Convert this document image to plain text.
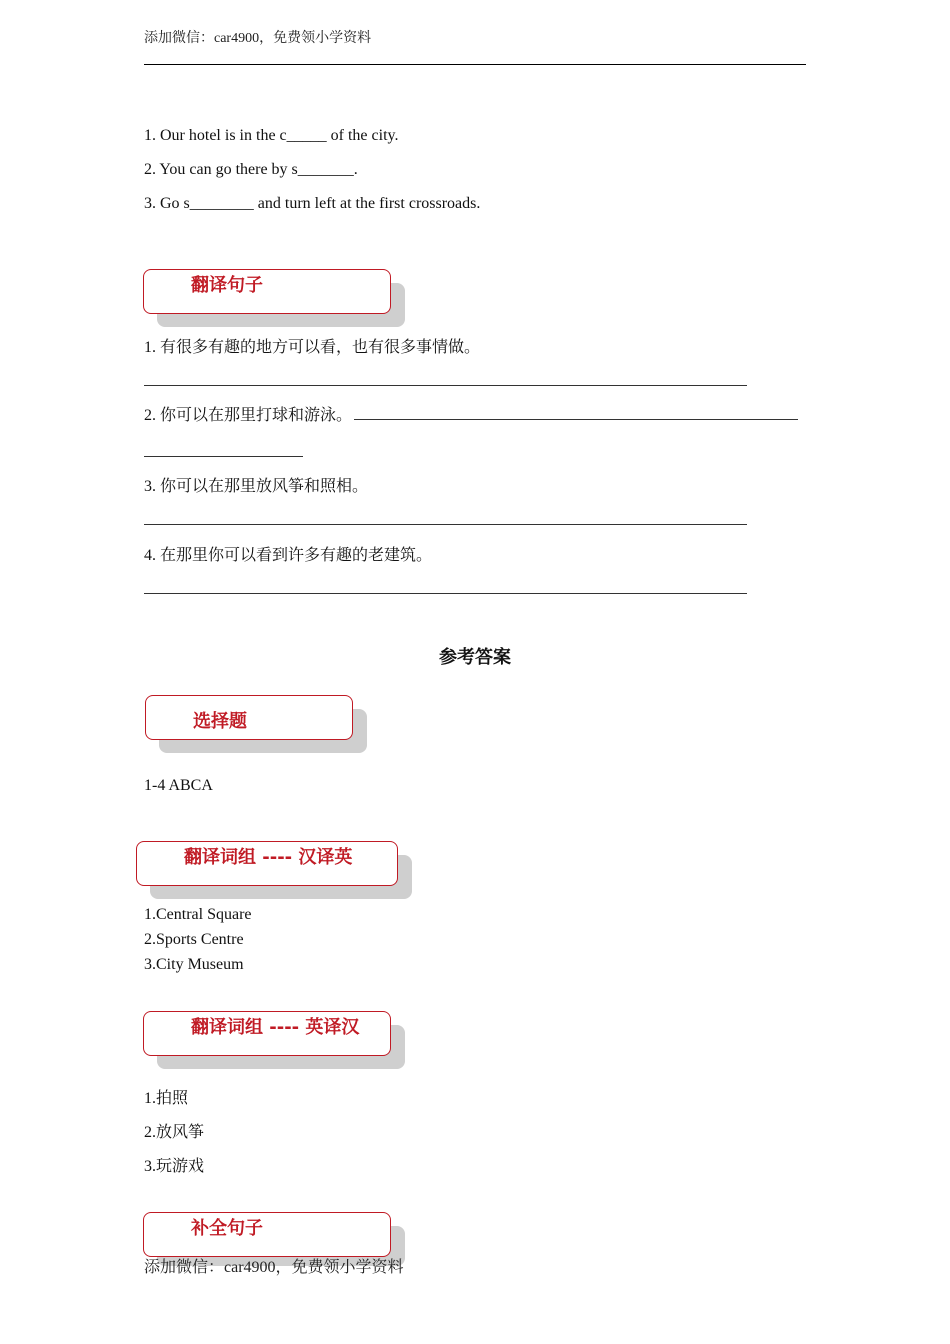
添加微信：car4900，免费领小学资料
1. Our hotel is in the c_____ of the city.
2. You can go there by s_______.
3. Go s________ and turn left at the first crossroads.
翻译句子
1. 有很多有趣的地方可以看，也有很多事情做。
2. 你可以在那里打球和游泳。
3. 你可以在那里放风筝和照相。
4. 在那里你可以看到许多有趣的老建筑。
参考答案
选择题
1-4 ABCA
翻译词组 ---- 汉译英
1.Central Square
2.Sports Centre
3.City Museum
翻译词组 ---- 英译汉
1.拍照
2.放风筝
3.玩游戏
补全句子
添加微信：car4900，免费领小学资料
